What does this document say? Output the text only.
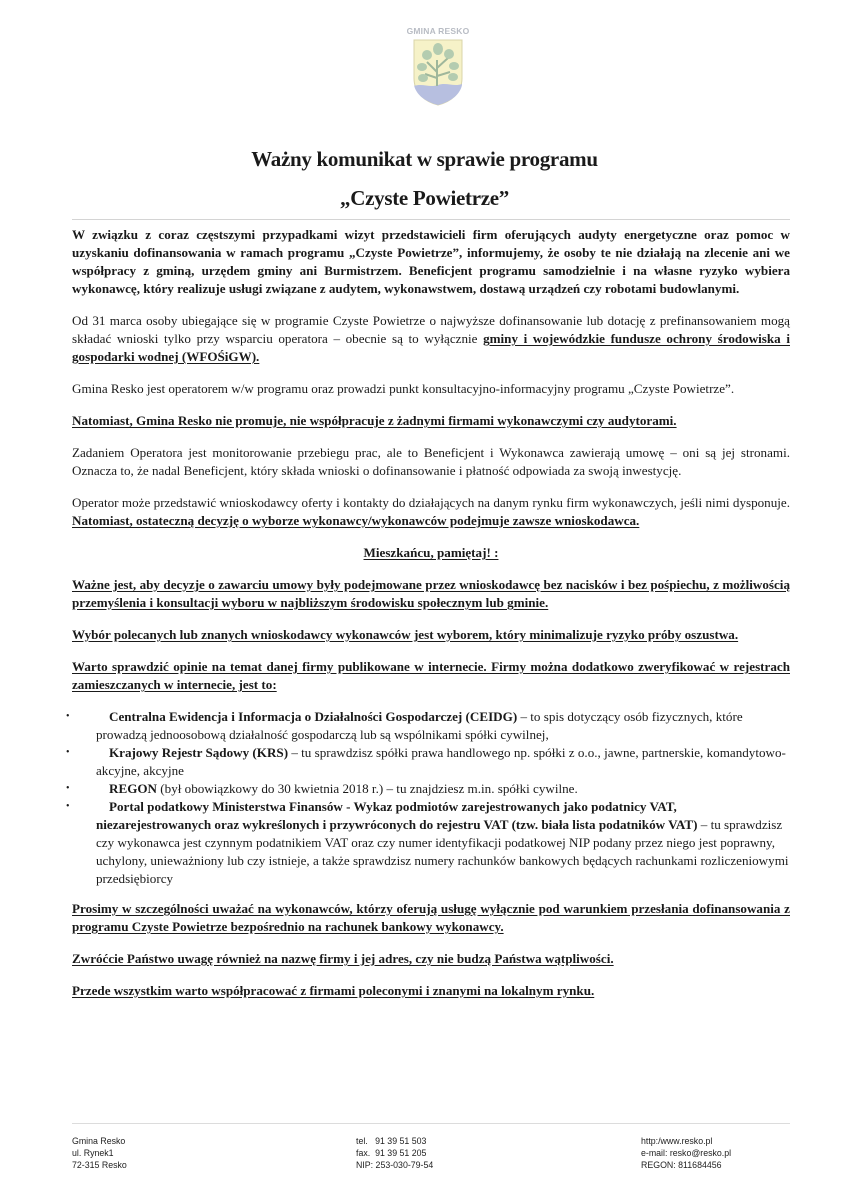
GMINA RESKO
Ważny komunikat w sprawie programu
„Czyste Powietrze”

W związku z coraz częstszymi przypadkami wizyt przedstawicieli firm oferujących audyty energetyczne oraz pomoc w uzyskaniu dofinansowania w ramach programu „Czyste Powietrze”, informujemy, że osoby te nie działają na zlecenie ani we współpracy z gminą, urzędem gminy ani Burmistrzem. Beneficjent programu samodzielnie i na własne ryzyko wybiera wykonawcę, który realizuje usługi związane z audytem, wykonawstwem, dostawą urządzeń czy robotami budowlanymi.

Od 31 marca osoby ubiegające się w programie Czyste Powietrze o najwyższe dofinansowanie lub dotację z prefinansowaniem mogą składać wnioski tylko przy wsparciu operatora – obecnie są to wyłącznie gminy i wojewódzkie fundusze ochrony środowiska i gospodarki wodnej (WFOŚiGW).

Gmina Resko jest operatorem w/w programu oraz prowadzi punkt konsultacyjno-informacyjny programu „Czyste Powietrze”.

Natomiast, Gmina Resko nie promuje, nie współpracuje z żadnymi firmami wykonawczymi czy audytorami.

Zadaniem Operatora jest monitorowanie przebiegu prac, ale to Beneficjent i Wykonawca zawierają umowę – oni są jej stronami. Oznacza to, że nadal Beneficjent, który składa wnioski o dofinansowanie i płatność odpowiada za swoją inwestycję.

Operator może przedstawić wnioskodawcy oferty i kontakty do działających na danym rynku firm wykonawczych, jeśli nimi dysponuje. Natomiast, ostateczną decyzję o wyborze wykonawcy/wykonawców podejmuje zawsze wnioskodawca.

Mieszkańcu, pamiętaj! :

Ważne jest, aby decyzje o zawarciu umowy były podejmowane przez wnioskodawcę bez nacisków i bez pośpiechu, z możliwością przemyślenia i konsultacji wyboru w najbliższym środowisku społecznym lub gminie.

Wybór polecanych lub znanych wnioskodawcy wykonawców jest wyborem, który minimalizuje ryzyko próby oszustwa.

Warto sprawdzić opinie na temat danej firmy publikowane w internecie. Firmy można dodatkowo zweryfikować w rejestrach zamieszczanych w internecie, jest to:

•	Centralna Ewidencja i Informacja o Działalności Gospodarczej (CEIDG) – to spis dotyczący osób fizycznych, które prowadzą jednoosobową działalność gospodarczą lub są wspólnikami spółki cywilnej,
•	Krajowy Rejestr Sądowy (KRS) – tu sprawdzisz spółki prawa handlowego np. spółki z o.o., jawne, partnerskie, komandytowo-akcyjne, akcyjne
•	REGON (był obowiązkowy do 30 kwietnia 2018 r.) – tu znajdziesz m.in. spółki cywilne.
•	Portal podatkowy Ministerstwa Finansów - Wykaz podmiotów zarejestrowanych jako podatnicy VAT, niezarejestrowanych oraz wykreślonych i przywróconych do rejestru VAT (tzw. biała lista podatników VAT) – tu sprawdzisz czy wykonawca jest czynnym podatnikiem VAT oraz czy numer identyfikacji podatkowej NIP podany przez niego jest poprawny, uchylony, unieważniony lub czy istnieje, a także sprawdzisz numery rachunków bankowych będących rachunkami rozliczeniowymi przedsiębiorcy

Prosimy w szczególności uważać na wykonawców, którzy oferują usługę wyłącznie pod warunkiem przesłania dofinansowania z programu Czyste Powietrze bezpośrednio na rachunek bankowy wykonawcy.

Zwróćcie Państwo uwagę również na nazwę firmy i jej adres, czy nie budzą Państwa wątpliwości.

Przede wszystkim warto współpracować z firmami poleconymi i znanymi na lokalnym rynku.

Gmina Resko
ul. Rynek1
72-315 Resko
tel.   91 39 51 503
fax.  91 39 51 205
NIP: 253-030-79-54
http:/www.resko.pl
e-mail: resko@resko.pl
REGON: 811684456
